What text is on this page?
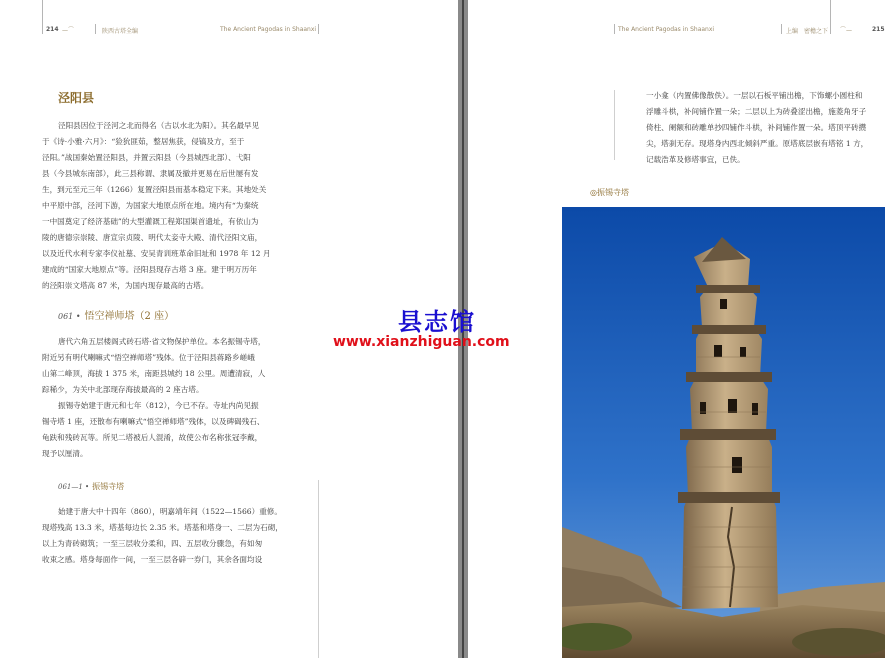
214 —⌒	陕西古塔全编	The Ancient Pagodas in Shaanxi
泾阳县
泾阳县因位于泾河之北而得名（古以水北为阳）。其名最早见
于《诗·小雅·六月》：“猃狁匪茹，整居焦获，侵镐及方，至于
泾阳。”战国秦始置泾阳县，并置云阳县（今县城西北部）、弋阳
县（今县城东南部），此三县称谓、隶属及撤并更易在后世屡有发
生，到元至元三年（1266）复置泾阳县而基本稳定下来。其地处关
中平原中部，泾河下游，为国家大地原点所在地。境内有“为秦统
一中国奠定了经济基础”的大型灌溉工程郑国渠首遗址，有依山为
陵的唐德宗崇陵、唐宣宗贞陵、明代太妾寺大殿、清代泾阳文庙，
以及近代水利专家李仪祉墓、安吴青训班革命旧址和 1978 年 12 月
建成的“国家大地原点”等。泾阳县现存古塔 3 座。建于明万历年
的泾阳崇文塔高 87 米，为国内现存最高的古塔。
061 • 悟空禅师塔（2 座）
唐代六角五层楼阁式砖石塔·省文物保护单位。本名振锡寺塔，
附近另有明代喇嘛式“悟空禅师塔”残体。位于泾阳县蒋路乡嵯峨
山第二峰顶，海拔 1 375 米，南距县城约 18 公里。周遭清寂，人
踪稀少，为关中北部现存海拔最高的 2 座古塔。
振锡寺始建于唐元和七年（812），今已不存。寺址内尚见振
锡寺塔 1 座，还散布有喇嘛式“悟空禅师塔”残体，以及碑碣残石、
龟趺和残砖瓦等。所见二塔被后人混淆，故使公布名称张冠李戴，
现予以厘清。
061—1 • 振锡寺塔
始建于唐大中十四年（860），明嘉靖年间（1522—1566）重修。
现塔残高 13.3 米，塔基每边长 2.35 米。塔基和塔身一、二层为石砌，
以上为青砖砌筑；一至三层收分柔和，四、五层收分骤急，有如匆
收束之感。塔身每面作一间，一至三层各辟一券门，其余各面均设
The Ancient Pagodas in Shaanxi	上编 密檐之下 ⌒—	215
一小龛（内置佛像散佚）。一层以石板平铺出檐，下饰螺小圆柱和
浮雕斗栱，补间铺作置一朵；二层以上为砖叠涩出檐，施菱角牙子
倚柱、阑额和砖雕单抄四铺作斗栱，补间铺作置一朵。塔顶平砖攒
尖，塔刹无存。现塔身内西北倾斜严重。原塔底层嵌有塔铭 1 方，
记载浩革及修塔事宜，已佚。
◎振锡寺塔
县志馆
www.xianzhiguan.com
